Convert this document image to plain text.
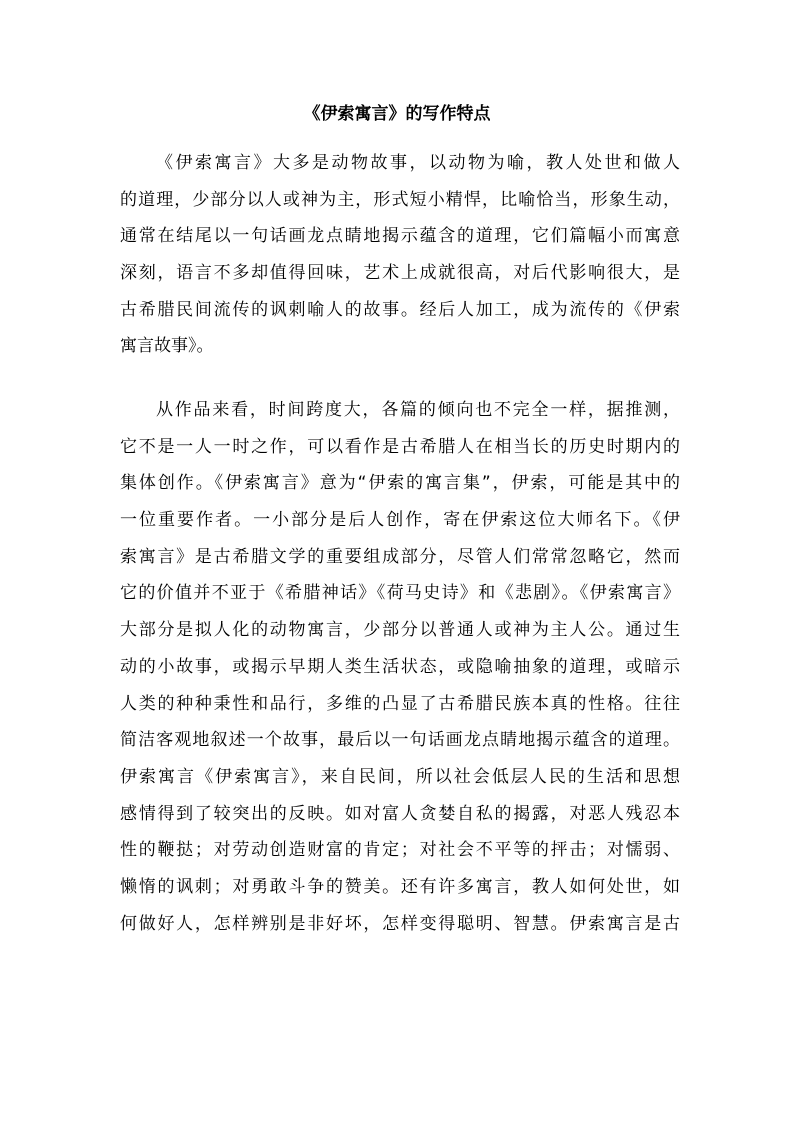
《伊索寓言》的写作特点
《伊索寓言》大多是动物故事，以动物为喻，教人处世和做人
的道理，少部分以人或神为主，形式短小精悍，比喻恰当，形象生动，
通常在结尾以一句话画龙点睛地揭示蕴含的道理，它们篇幅小而寓意
深刻，语言不多却值得回味，艺术上成就很高，对后代影响很大，是
古希腊民间流传的讽刺喻人的故事。经后人加工，成为流传的《伊索
寓言故事》。
从作品来看，时间跨度大，各篇的倾向也不完全一样，据推测，
它不是一人一时之作，可以看作是古希腊人在相当长的历史时期内的
集体创作。《伊索寓言》意为“伊索的寓言集”，伊索，可能是其中的
一位重要作者。一小部分是后人创作，寄在伊索这位大师名下。《伊
索寓言》是古希腊文学的重要组成部分，尽管人们常常忽略它，然而
它的价值并不亚于《希腊神话》《荷马史诗》和《悲剧》。《伊索寓言》
大部分是拟人化的动物寓言，少部分以普通人或神为主人公。通过生
动的小故事，或揭示早期人类生活状态，或隐喻抽象的道理，或暗示
人类的种种秉性和品行，多维的凸显了古希腊民族本真的性格。往往
简洁客观地叙述一个故事，最后以一句话画龙点睛地揭示蕴含的道理。
伊索寓言《伊索寓言》，来自民间，所以社会低层人民的生活和思想
感情得到了较突出的反映。如对富人贪婪自私的揭露，对恶人残忍本
性的鞭挞；对劳动创造财富的肯定；对社会不平等的抨击；对懦弱、
懒惰的讽刺；对勇敢斗争的赞美。还有许多寓言，教人如何处世，如
何做好人，怎样辨别是非好坏，怎样变得聪明、智慧。伊索寓言是古
